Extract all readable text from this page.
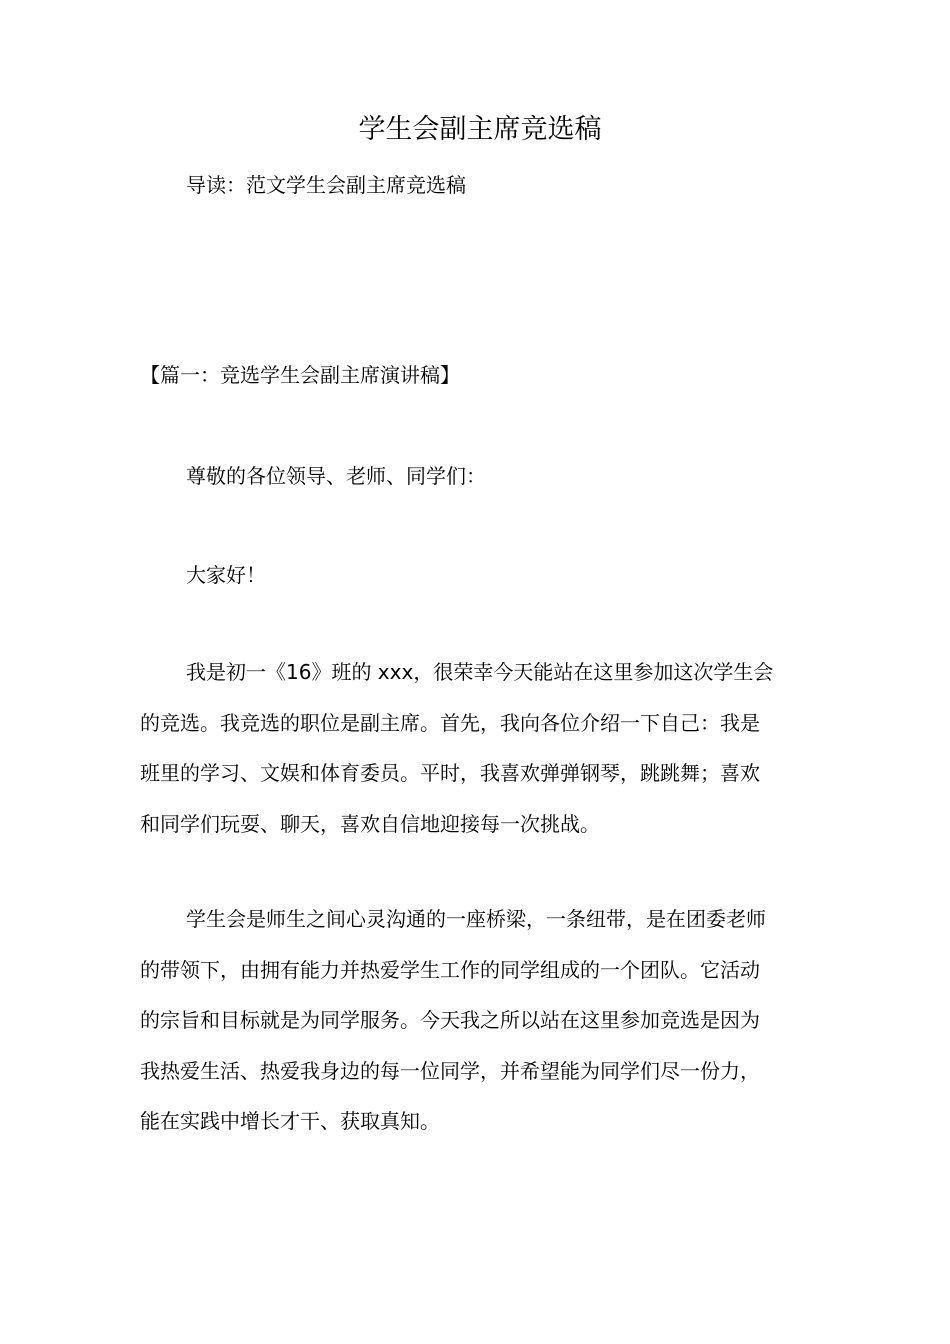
学生会副主席竞选稿
导读：范文学生会副主席竞选稿
【篇一：竞选学生会副主席演讲稿】
尊敬的各位领导、老师、同学们：
大家好！

我是初一《16》班的 xxx，很荣幸今天能站在这里参加这次学生会
的竞选。我竞选的职位是副主席。首先，我向各位介绍一下自己：我是
班里的学习、文娱和体育委员。平时，我喜欢弹弹钢琴，跳跳舞；喜欢
和同学们玩耍、聊天，喜欢自信地迎接每一次挑战。

学生会是师生之间心灵沟通的一座桥梁，一条纽带，是在团委老师
的带领下，由拥有能力并热爱学生工作的同学组成的一个团队。它活动
的宗旨和目标就是为同学服务。今天我之所以站在这里参加竞选是因为
我热爱生活、热爱我身边的每一位同学，并希望能为同学们尽一份力，
能在实践中增长才干、获取真知。
